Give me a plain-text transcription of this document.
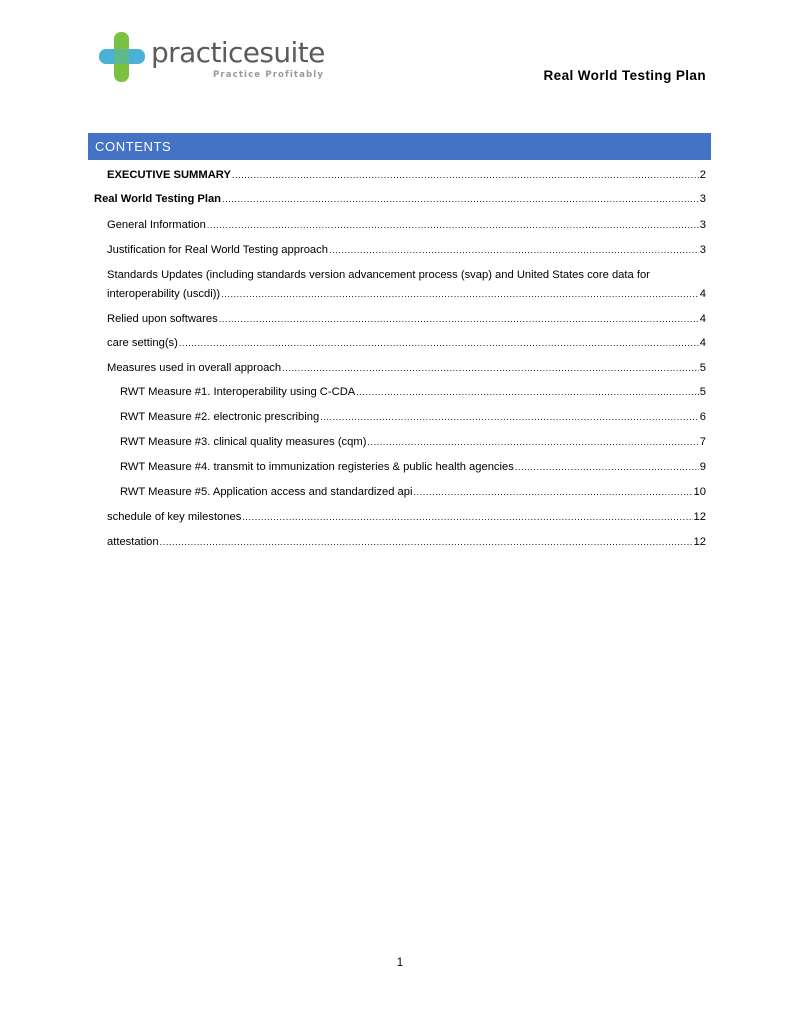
practicesuite
Practice Profitably	Real World Testing Plan
CONTENTS
EXECUTIVE SUMMARY .....	2
Real World Testing Plan .....	3
General Information .....	3
Justification for Real World Testing approach .....	3
Standards Updates (including standards version advancement process (svap) and United States core data for
interoperability (uscdi)) .....	4
Relied upon softwares .....	4
care setting(s) .....	4
Measures used in overall approach .....	5
RWT Measure #1. Interoperability using C-CDA .....	5
RWT Measure #2. electronic prescribing .....	6
RWT Measure #3. clinical quality measures (cqm) .....	7
RWT Measure #4. transmit to immunization registeries & public health agencies .....	9
RWT Measure #5. Application access and standardized api .....	10
schedule of key milestones .....	12
attestation .....	12
1
